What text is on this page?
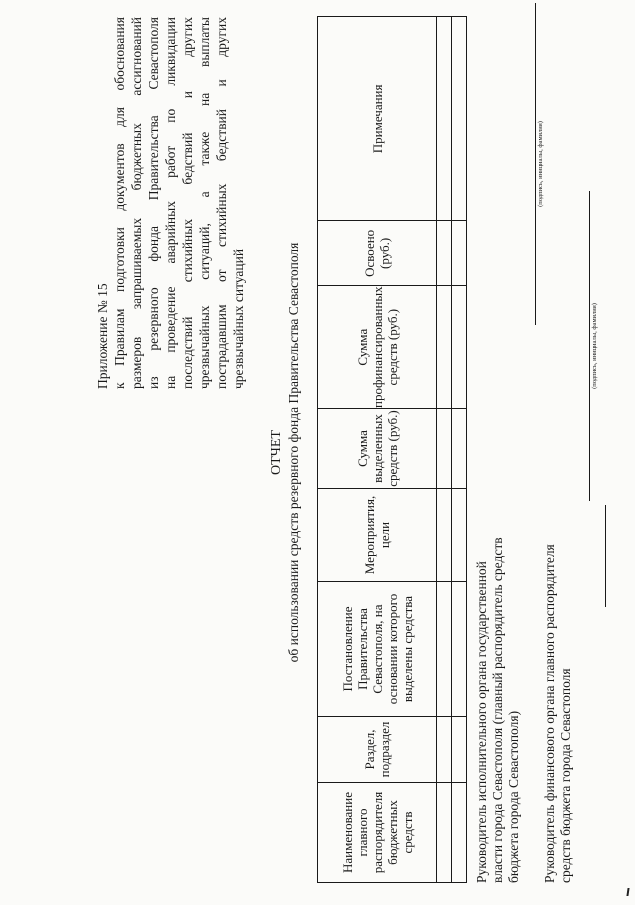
Приложение № 15 к Правилам подготовки документов для обоснования размеров запрашиваемых бюджетных ассигнований из резервного фонда Правительства Севастополя на проведение аварийных работ по ликвидации последствий стихийных бедствий и других чрезвычайных ситуаций, а также на выплаты пострадавшим от стихийных бедствий и других чрезвычайных ситуаций
ОТЧЕТ об использовании средств резервного фонда Правительства Севастополя
Наименование главного распорядителя бюджетных средств	Раздел, подраздел	Постановление Правительства Севастополя, на основании которого выделены средства	Мероприятия, цели	Сумма выделенных средств (руб.)	Сумма профинансированных средств (руб.)	Освоено (руб.)	Примечания

Руководитель исполнительного органа государственной власти города Севастополя (главный распорядитель средств бюджета города Севастополя)
(подпись, инициалы, фамилия)
Руководитель финансового органа главного распорядителя средств бюджета города Севастополя
(подпись, инициалы, фамилия)
